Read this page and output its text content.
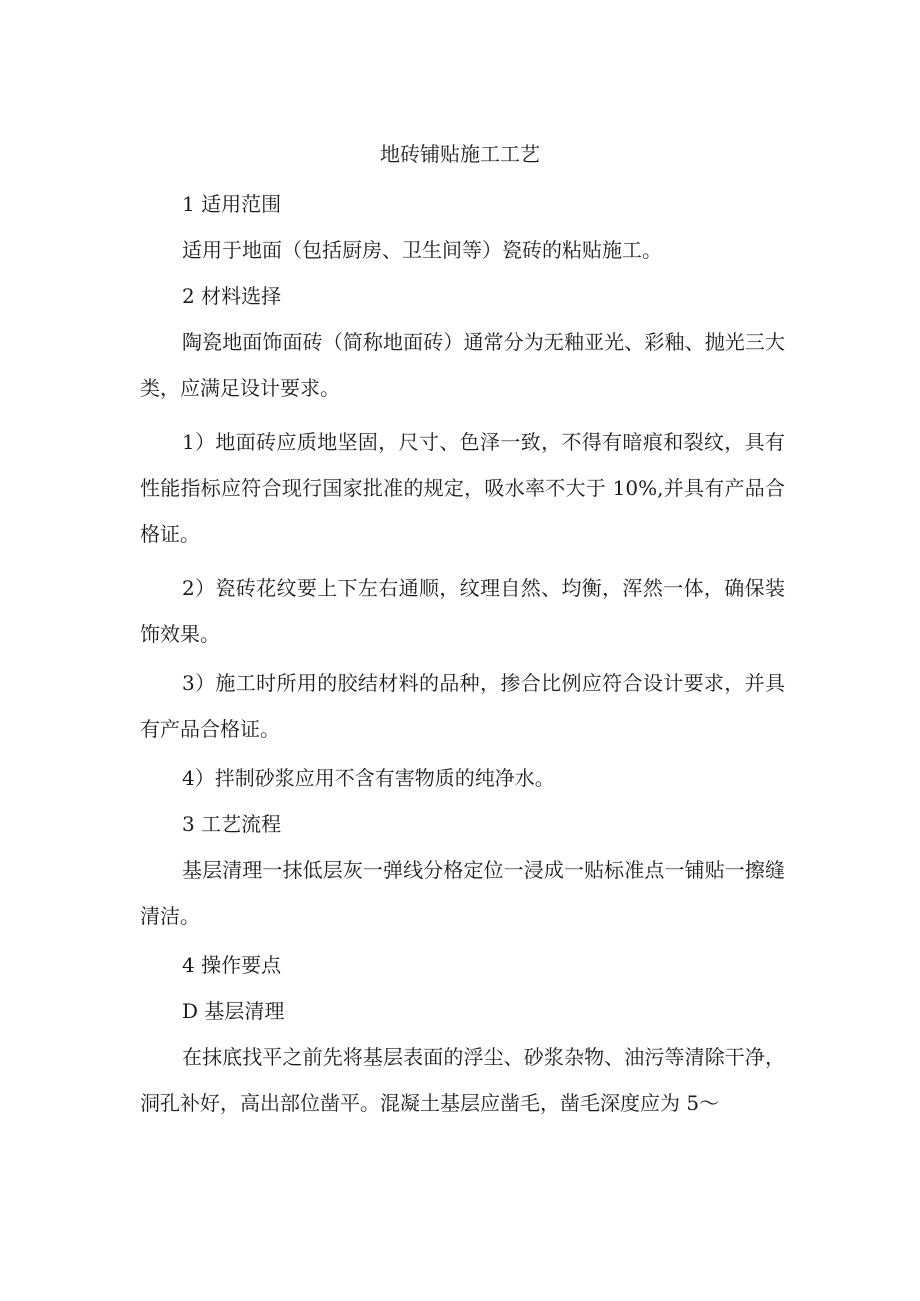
地砖铺贴施工工艺

1 适用范围

适用于地面（包括厨房、卫生间等）瓷砖的粘贴施工。

2 材料选择

陶瓷地面饰面砖（简称地面砖）通常分为无釉亚光、彩釉、抛光三大类，应满足设计要求。

1）地面砖应质地坚固，尺寸、色泽一致，不得有暗痕和裂纹，具有性能指标应符合现行国家批准的规定，吸水率不大于 10%,并具有产品合格证。

2）瓷砖花纹要上下左右通顺，纹理自然、均衡，浑然一体，确保装饰效果。

3）施工时所用的胶结材料的品种，掺合比例应符合设计要求，并具有产品合格证。

4）拌制砂浆应用不含有害物质的纯净水。

3 工艺流程

基层清理一抹低层灰一弹线分格定位一浸成一贴标准点一铺贴一擦缝清洁。

4 操作要点

D 基层清理

在抹底找平之前先将基层表面的浮尘、砂浆杂物、油污等清除干净，洞孔补好，高出部位凿平。混凝土基层应凿毛，凿毛深度应为 5～
